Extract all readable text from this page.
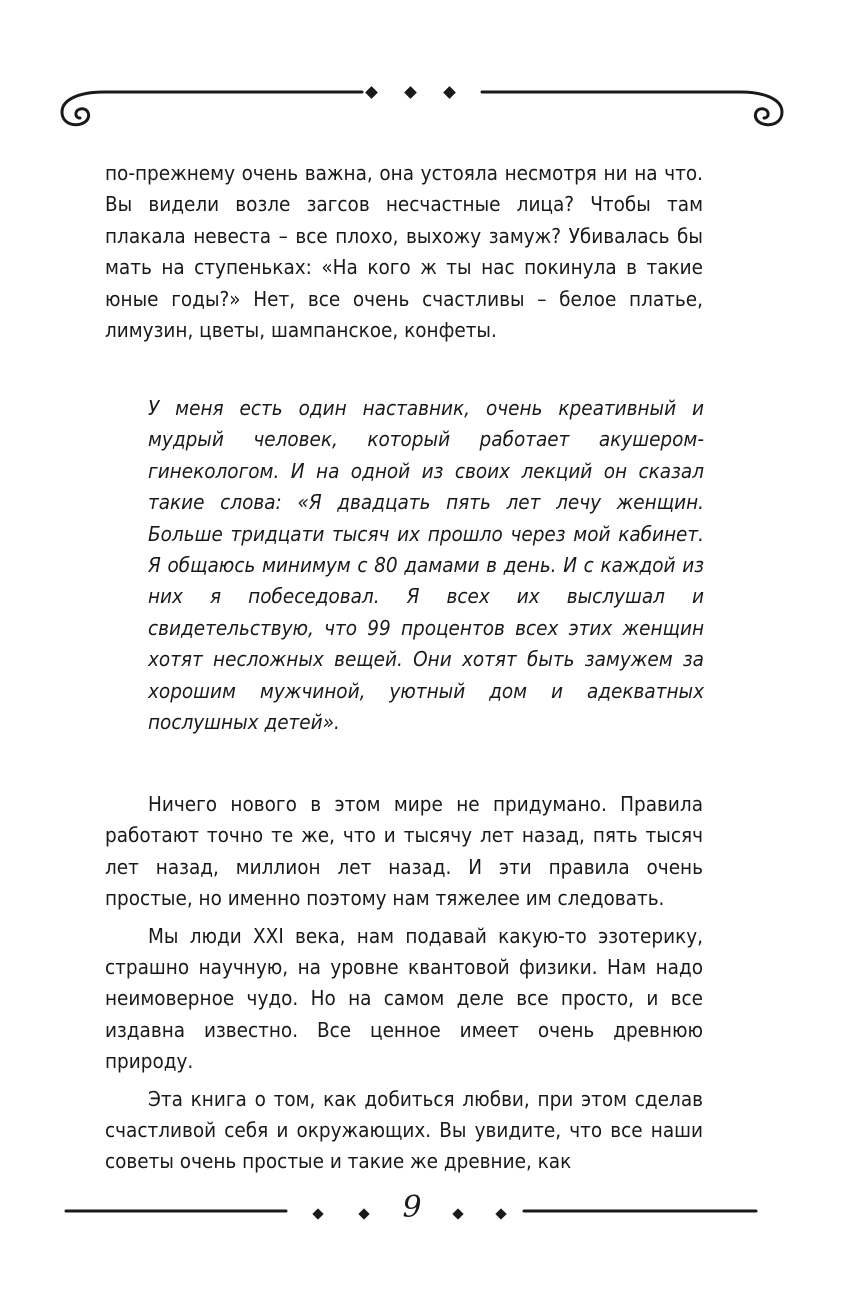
по-прежнему очень важна, она устояла несмотря ни на что. Вы видели возле загсов несчастные лица? Чтобы там плакала невеста – все плохо, выхожу замуж? Убивалась бы мать на ступеньках: «На кого ж ты нас покинула в такие юные годы?» Нет, все очень счастливы – белое платье, лимузин, цветы, шампанское, конфеты.

У меня есть один наставник, очень креативный и мудрый человек, который работает акушером-гинекологом. И на одной из своих лекций он сказал такие слова: «Я двадцать пять лет лечу женщин. Больше тридцати тысяч их прошло через мой кабинет. Я общаюсь минимум с 80 дамами в день. И с каждой из них я побеседовал. Я всех их выслушал и свидетельствую, что 99 процентов всех этих женщин хотят несложных вещей. Они хотят быть замужем за хорошим мужчиной, уютный дом и адекватных послушных детей».

Ничего нового в этом мире не придумано. Правила работают точно те же, что и тысячу лет назад, пять тысяч лет назад, миллион лет назад. И эти правила очень простые, но именно поэтому нам тяжелее им следовать.

Мы люди XXI века, нам подавай какую-то эзотерику, страшно научную, на уровне квантовой физики. Нам надо неимоверное чудо. Но на самом деле все просто, и все издавна известно. Все ценное имеет очень древнюю природу.

Эта книга о том, как добиться любви, при этом сделав счастливой себя и окружающих. Вы увидите, что все наши советы очень простые и такие же древние, как

9
